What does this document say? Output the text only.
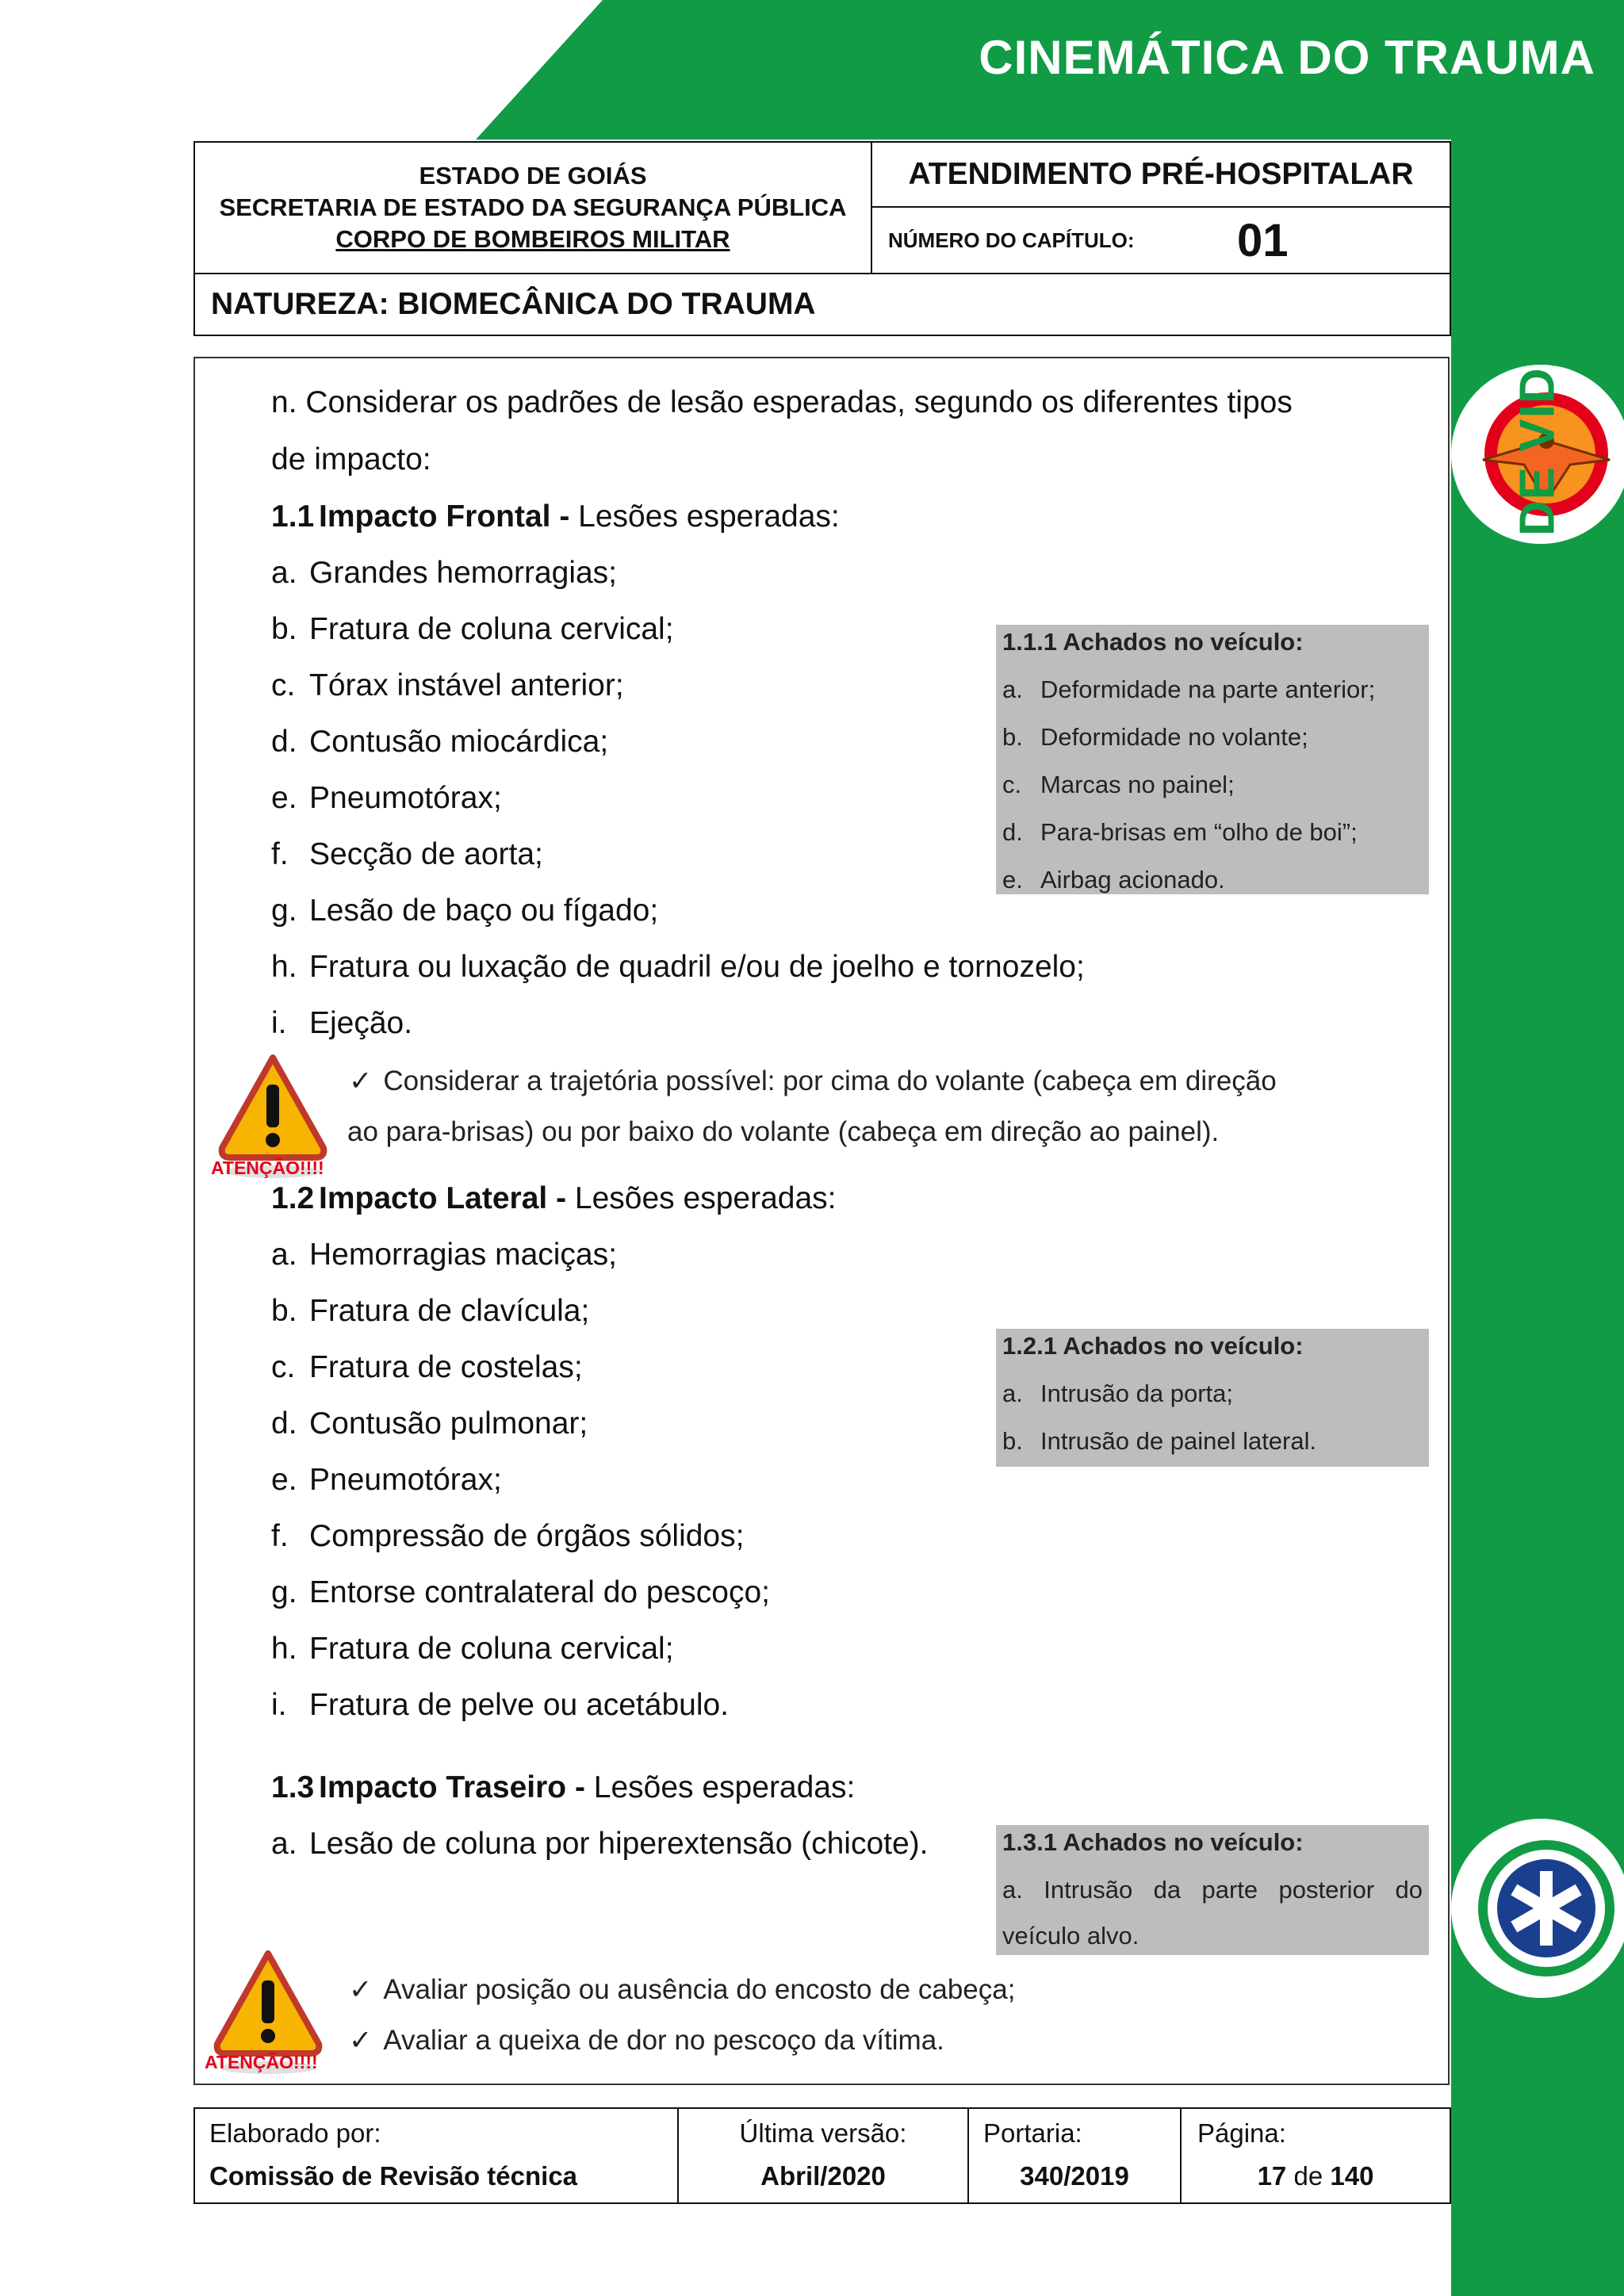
CINEMÁTICA DO TRAUMA
PROTOCOLO DE SUPORTE BÁSICO DE VIDA
ESTADO DE GOIÁS
SECRETARIA DE ESTADO DA SEGURANÇA PÚBLICA
CORPO DE BOMBEIROS MILITAR
ATENDIMENTO PRÉ-HOSPITALAR
NÚMERO DO CAPÍTULO: 01
NATUREZA: BIOMECÂNICA DO TRAUMA
n. Considerar os padrões de lesão esperadas, segundo os diferentes tipos
de impacto:
1.1 Impacto Frontal - Lesões esperadas:
a. Grandes hemorragias;
b. Fratura de coluna cervical;
c. Tórax instável anterior;
d. Contusão miocárdica;
e. Pneumotórax;
f. Secção de aorta;
g. Lesão de baço ou fígado;
h. Fratura ou luxação de quadril e/ou de joelho e tornozelo;
i. Ejeção.
1.1.1 Achados no veículo:
a. Deformidade na parte anterior;
b. Deformidade no volante;
c. Marcas no painel;
d. Para-brisas em “olho de boi”;
e. Airbag acionado.
ATENÇÃO!!!!
✓ Considerar a trajetória possível: por cima do volante (cabeça em direção
ao para-brisas) ou por baixo do volante (cabeça em direção ao painel).
1.2 Impacto Lateral - Lesões esperadas:
a. Hemorragias maciças;
b. Fratura de clavícula;
c. Fratura de costelas;
d. Contusão pulmonar;
e. Pneumotórax;
f. Compressão de órgãos sólidos;
g. Entorse contralateral do pescoço;
h. Fratura de coluna cervical;
i. Fratura de pelve ou acetábulo.
1.2.1 Achados no veículo:
a. Intrusão da porta;
b. Intrusão de painel lateral.
1.3 Impacto Traseiro - Lesões esperadas:
a. Lesão de coluna por hiperextensão (chicote).	1.3.1 Achados no veículo:
a. Intrusão da parte posterior do
veículo alvo.
ATENÇÃO!!!!
✓ Avaliar posição ou ausência do encosto de cabeça;
✓ Avaliar a queixa de dor no pescoço da vítima.
Elaborado por:
Comissão de Revisão técnica
Última versão:
Abril/2020
Portaria:
340/2019
Página:
17 de 140
